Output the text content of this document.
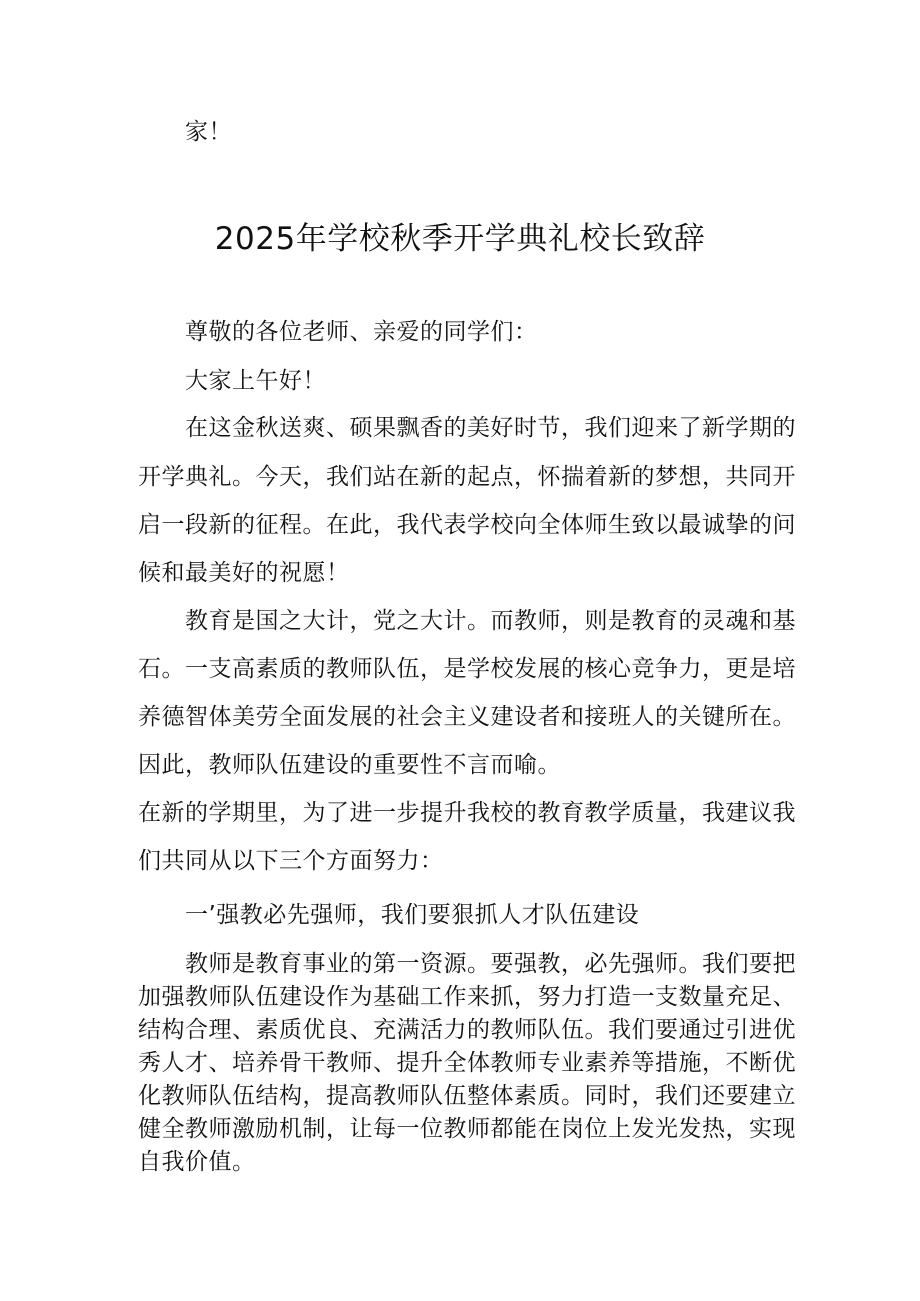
家！
2025年学校秋季开学典礼校长致辞
尊敬的各位老师、亲爱的同学们：
大家上午好！
在这金秋送爽、硕果飘香的美好时节，我们迎来了新学期的
开学典礼。今天，我们站在新的起点，怀揣着新的梦想，共同开
启一段新的征程。在此，我代表学校向全体师生致以最诚挚的问
候和最美好的祝愿！
教育是国之大计，党之大计。而教师，则是教育的灵魂和基
石。一支高素质的教师队伍，是学校发展的核心竞争力，更是培
养德智体美劳全面发展的社会主义建设者和接班人的关键所在。
因此，教师队伍建设的重要性不言而喻。
在新的学期里，为了进一步提升我校的教育教学质量，我建议我
们共同从以下三个方面努力：
一’强教必先强师，我们要狠抓人才队伍建设
教师是教育事业的第一资源。要强教，必先强师。我们要把
加强教师队伍建设作为基础工作来抓，努力打造一支数量充足、
结构合理、素质优良、充满活力的教师队伍。我们要通过引进优
秀人才、培养骨干教师、提升全体教师专业素养等措施，不断优
化教师队伍结构，提高教师队伍整体素质。同时，我们还要建立
健全教师激励机制，让每一位教师都能在岗位上发光发热，实现
自我价值。
